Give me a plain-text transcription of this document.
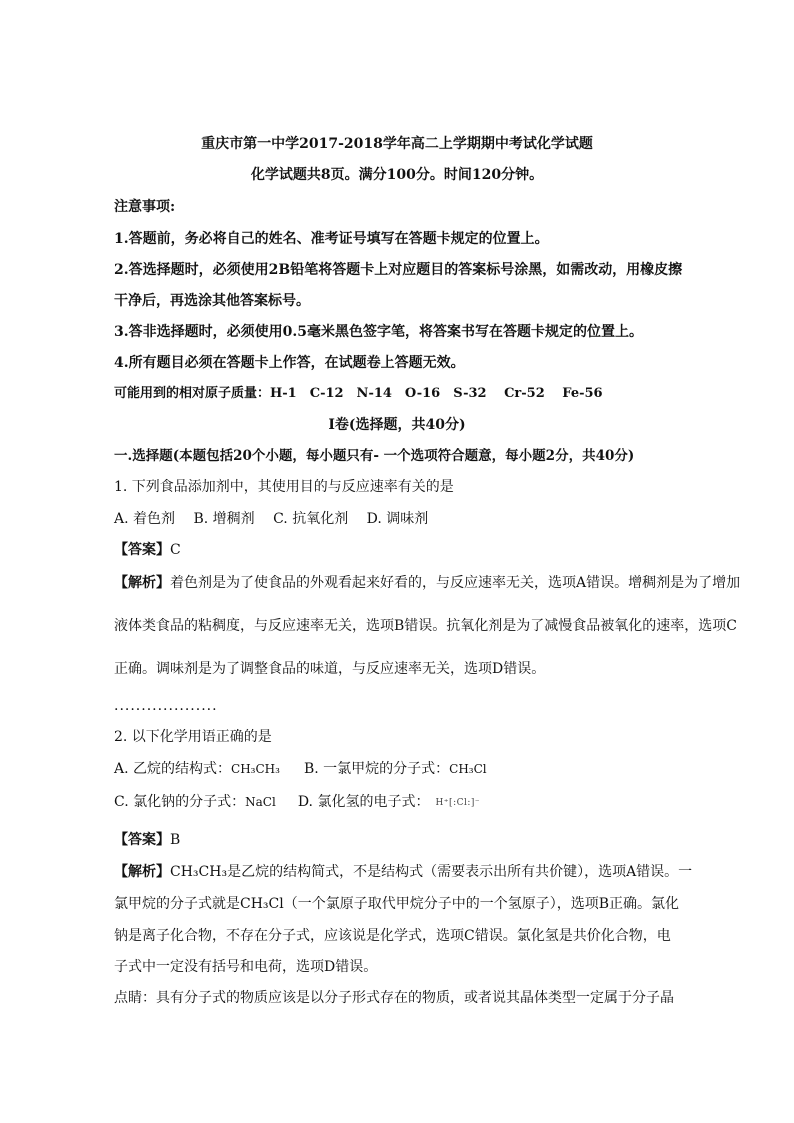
重庆市第一中学2017-2018学年高二上学期期中考试化学试题
化学试题共8页。满分100分。时间120分钟。
注意事项:
1.答题前，务必将自己的姓名、准考证号填写在答题卡规定的位置上。
2.答选择题时，必须使用2B铅笔将答题卡上对应题目的答案标号涂黑，如需改动，用橡皮擦
干净后，再选涂其他答案标号。
3.答非选择题时，必须使用0.5毫米黑色签字笔，将答案书写在答题卡规定的位置上。
4.所有题目必须在答题卡上作答，在试题卷上答题无效。
可能用到的相对原子质量：H-1　C-12　N-14　O-16　S-32　 Cr-52　 Fe-56
I卷(选择题，共40分)
一.选择题(本题包括20个小题，每小题只有- 一个选项符合题意，每小题2分，共40分)
1. 下列食品添加剂中，其使用目的与反应速率有关的是
A. 着色剂　 B. 增稠剂　 C. 抗氧化剂　 D. 调味剂
【答案】C
【解析】着色剂是为了使食品的外观看起来好看的，与反应速率无关，选项A错误。增稠剂是为了增加
液体类食品的粘稠度，与反应速率无关，选项B错误。抗氧化剂是为了减慢食品被氧化的速率，选项C
正确。调味剂是为了调整食品的味道，与反应速率无关，选项D错误。
...................
2. 以下化学用语正确的是
A. 乙烷的结构式：CH₃CH₃ B. 一氯甲烷的分子式：CH₃Cl
C. 氯化钠的分子式：NaCl D. 氯化氢的电子式： H⁺[:Cl:]⁻
【答案】B
【解析】CH₃CH₃是乙烷的结构简式，不是结构式（需要表示出所有共价键），选项A错误。一
氯甲烷的分子式就是CH₃Cl（一个氯原子取代甲烷分子中的一个氢原子），选项B正确。氯化
钠是离子化合物，不存在分子式，应该说是化学式，选项C错误。氯化氢是共价化合物，电
子式中一定没有括号和电荷，选项D错误。
点睛：具有分子式的物质应该是以分子形式存在的物质，或者说其晶体类型一定属于分子晶
